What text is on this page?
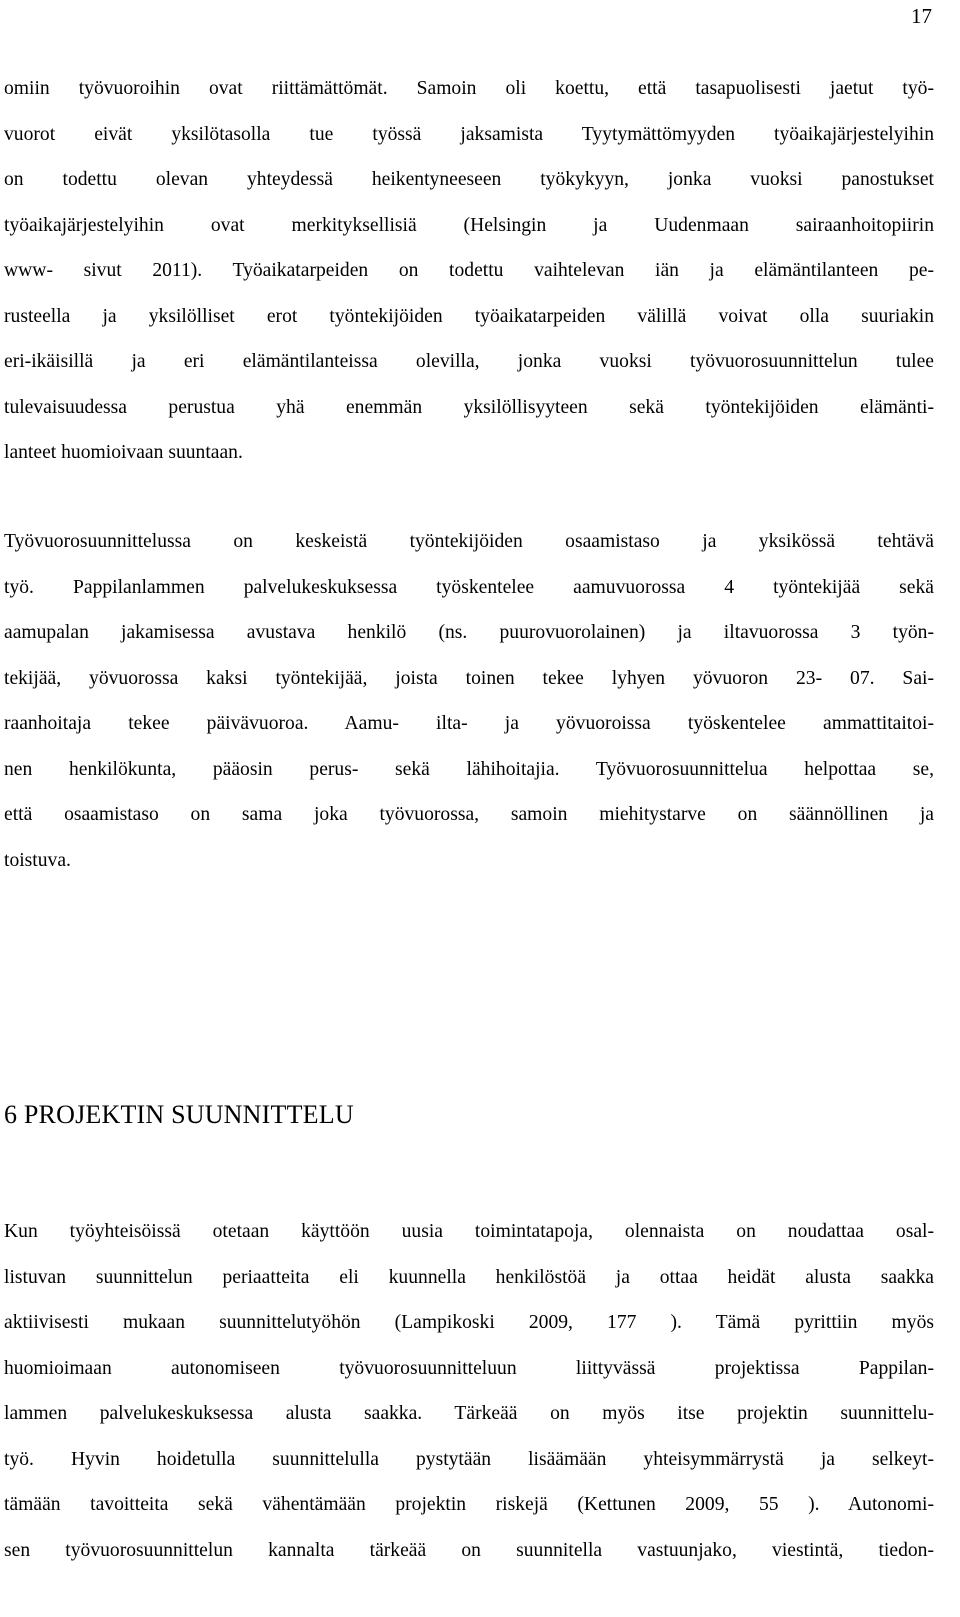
17

omiin työvuoroihin ovat riittämättömät. Samoin oli koettu, että tasapuolisesti jaetut työ-
vuorot eivät yksilötasolla tue työssä jaksamista Tyytymättömyyden työaikajärjestelyihin
on todettu olevan yhteydessä heikentyneeseen työkykyyn, jonka vuoksi panostukset
työaikajärjestelyihin ovat merkityksellisiä (Helsingin ja Uudenmaan sairaanhoitopiirin
www- sivut 2011). Työaikatarpeiden on todettu vaihtelevan iän ja elämäntilanteen pe-
rusteella ja yksilölliset erot työntekijöiden työaikatarpeiden välillä voivat olla suuriakin
eri-ikäisillä ja eri elämäntilanteissa olevilla, jonka vuoksi työvuorosuunnittelun tulee
tulevaisuudessa perustua yhä enemmän yksilöllisyyteen sekä työntekijöiden elämänti-
lanteet huomioivaan suuntaan.

Työvuorosuunnittelussa on keskeistä työntekijöiden osaamistaso ja yksikössä tehtävä
työ. Pappilanlammen palvelukeskuksessa työskentelee aamuvuorossa 4 työntekijää sekä
aamupalan jakamisessa avustava henkilö (ns. puurovuorolainen) ja iltavuorossa 3 työn-
tekijää, yövuorossa kaksi työntekijää, joista toinen tekee lyhyen yövuoron 23- 07. Sai-
raanhoitaja tekee päivävuoroa. Aamu- ilta- ja yövuoroissa työskentelee ammattitaitoi-
nen henkilökunta, pääosin perus- sekä lähihoitajia. Työvuorosuunnittelua helpottaa se,
että osaamistaso on sama joka työvuorossa, samoin miehitystarve on säännöllinen ja
toistuva.

6 PROJEKTIN SUUNNITTELU

Kun työyhteisöissä otetaan käyttöön uusia toimintatapoja, olennaista on noudattaa osal-
listuvan suunnittelun periaatteita eli kuunnella henkilöstöä ja ottaa heidät alusta saakka
aktiivisesti mukaan suunnittelutyöhön (Lampikoski 2009, 177 ). Tämä pyrittiin myös
huomioimaan autonomiseen työvuorosuunnitteluun liittyvässä projektissa Pappilan-
lammen palvelukeskuksessa alusta saakka. Tärkeää on myös itse projektin suunnittelu-
työ. Hyvin hoidetulla suunnittelulla pystytään lisäämään yhteisymmärrystä ja selkeyt-
tämään tavoitteita sekä vähentämään projektin riskejä (Kettunen 2009, 55 ). Autonomi-
sen työvuorosuunnittelun kannalta tärkeää on suunnitella vastuunjako, viestintä, tiedon-
